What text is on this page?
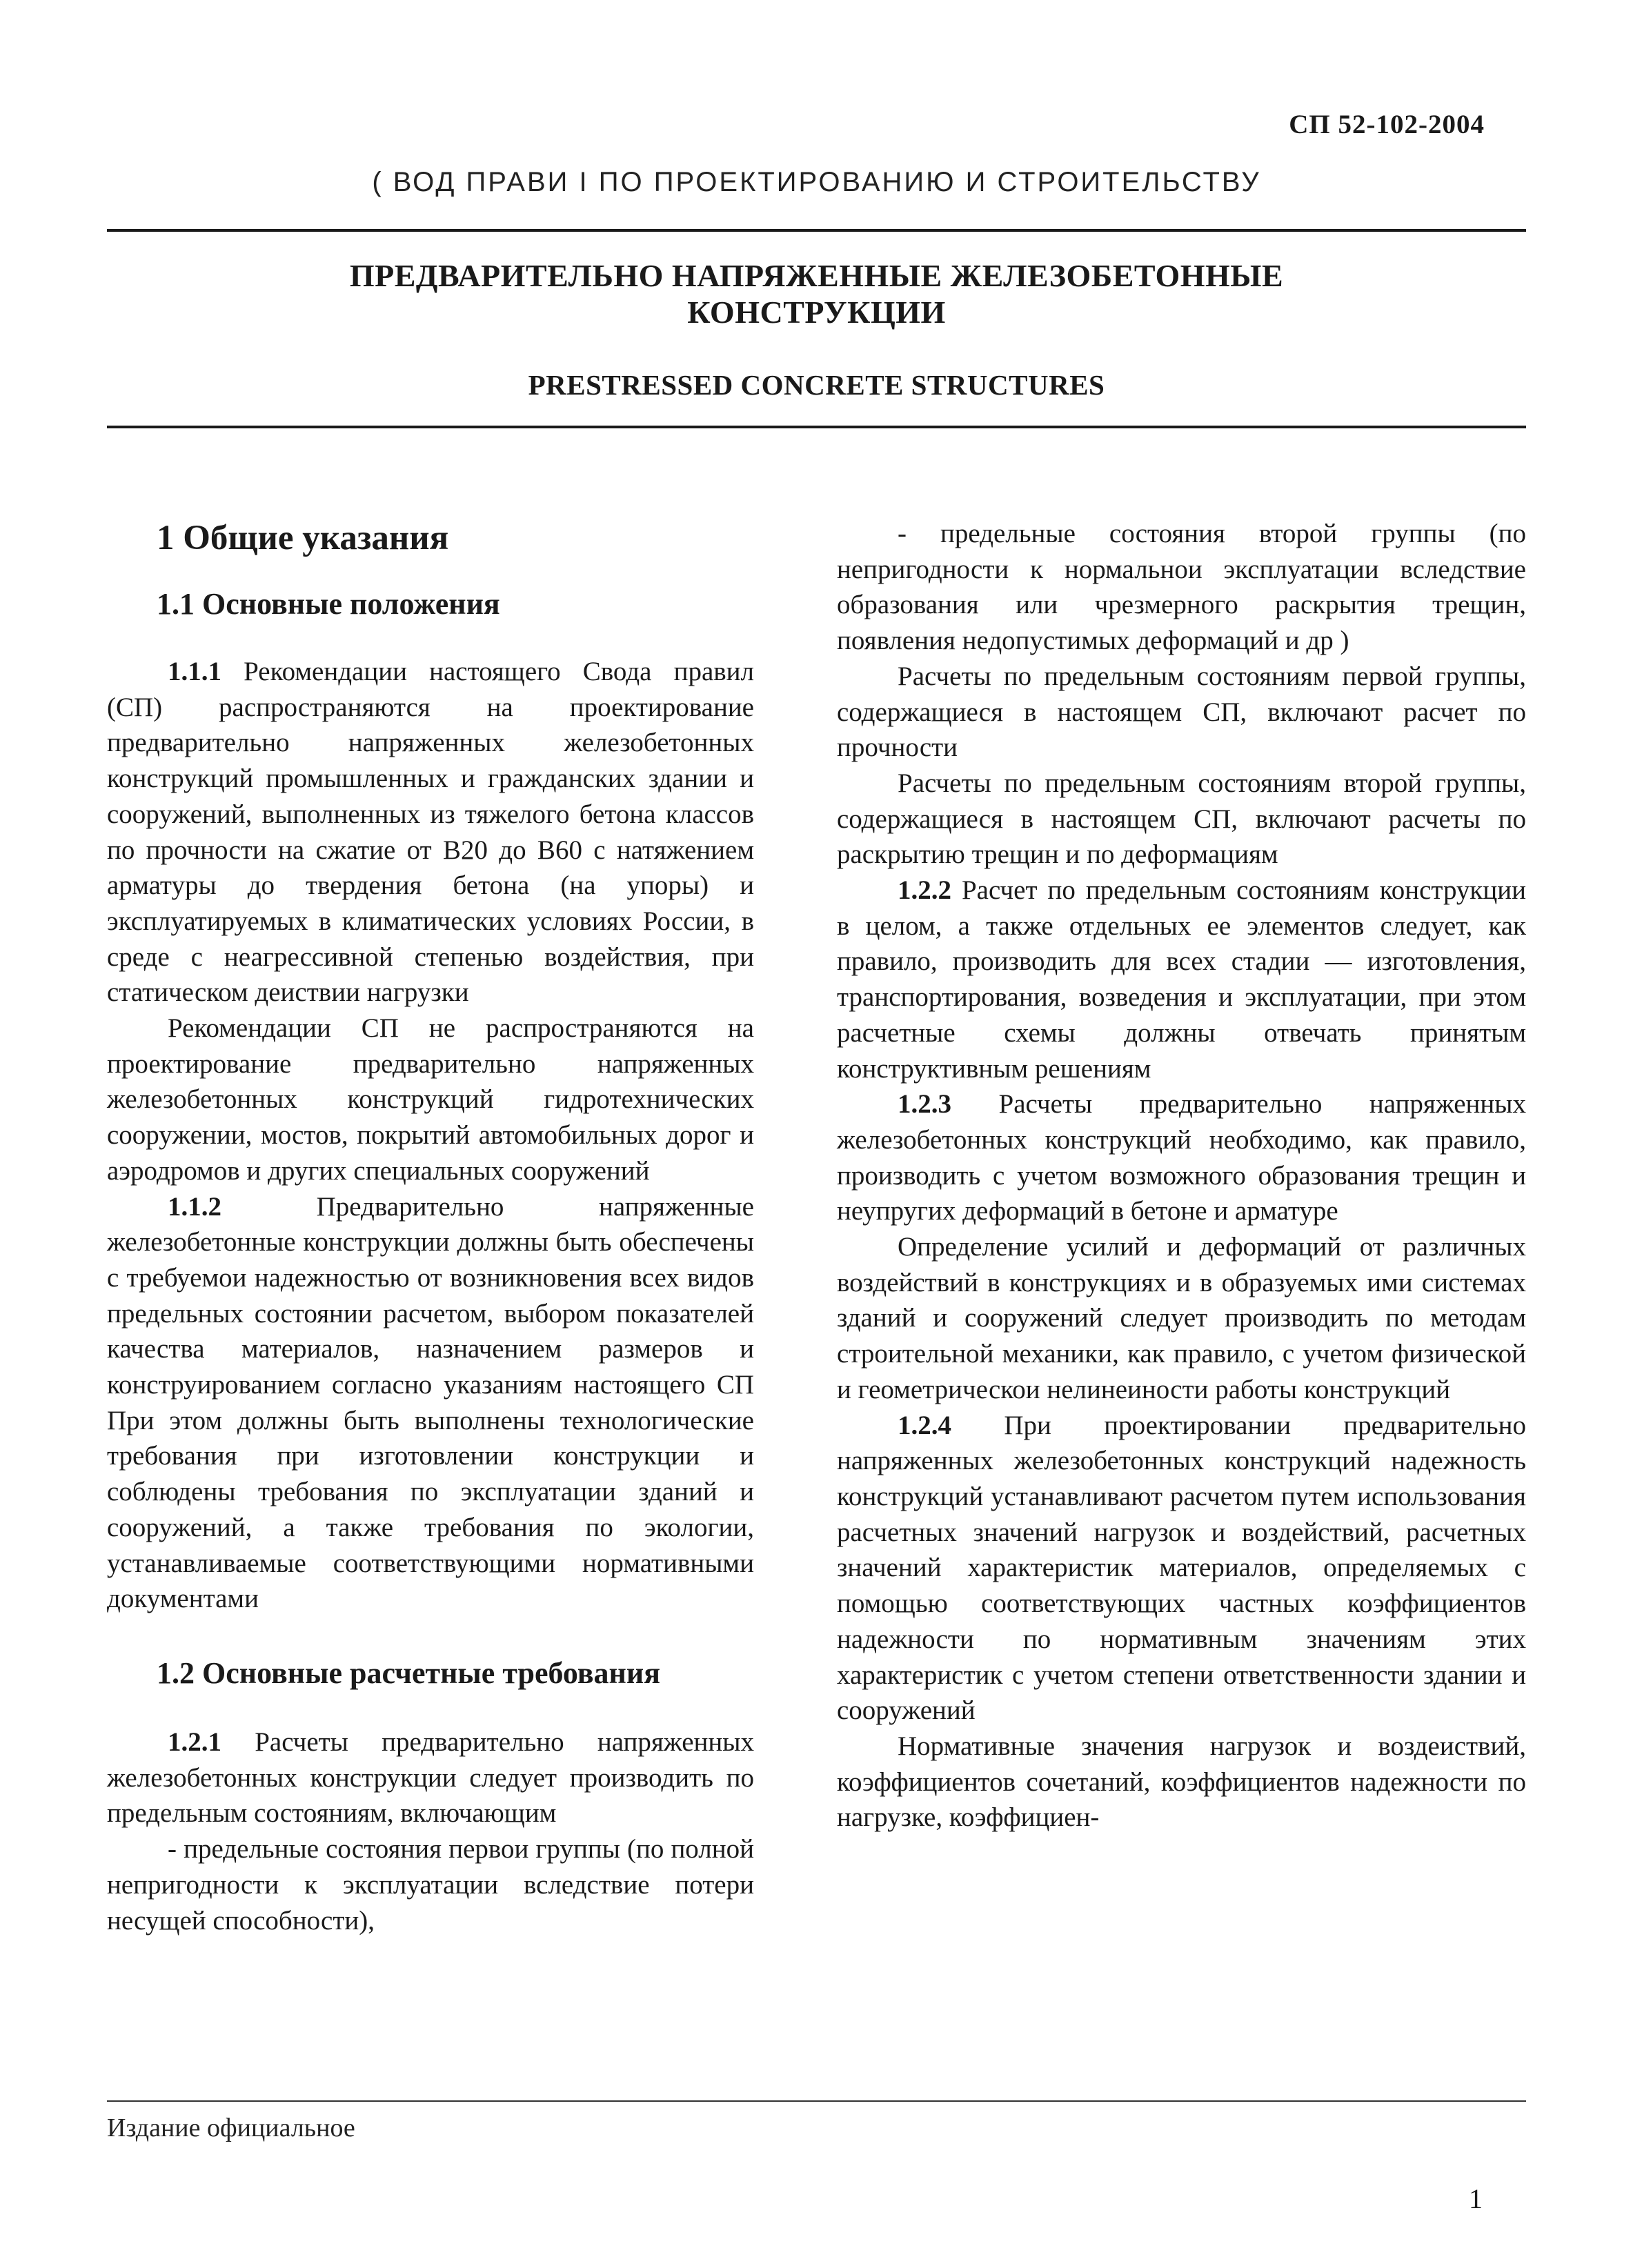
СП 52-102-2004
( ВОД ПРАВИ I ПО ПРОЕКТИРОВАНИЮ И СТРОИТЕЛЬСТВУ
ПРЕДВАРИТЕЛЬНО НАПРЯЖЕННЫЕ ЖЕЛЕЗОБЕТОННЫЕ
КОНСТРУКЦИИ
PRESTRESSED CONCRETE STRUCTURES
1 Общие указания
1.1 Основные положения

1.1.1 Рекомендации настоящего Свода правил (СП) распространяются на проектирование предварительно напряженных железобетонных конструкций промышленных и гражданских здании и сооружений, выполненных из тяжелого бетона классов по прочности на сжатие от В20 до В60 с натяжением арматуры до твердения бетона (на упоры) и эксплуатируемых в климатических условиях России, в среде с неагрессивной степенью воздействия, при статическом деиствии нагрузки

Рекомендации СП не распространяются на проектирование предварительно напряженных железобетонных конструкций гидротехнических сооружении, мостов, покрытий автомобильных дорог и аэродромов и других специальных сооружений

1.1.2	Предварительно напряженные железобетонные конструкции должны быть обеспечены с требуемои надежностью от возникновения всех видов предельных состоянии расчетом, выбором показателей качества материалов, назначением размеров и конструированием согласно указаниям настоящего СП При этом должны быть выполнены технологические требования при изготовлении конструкции и соблюдены требования по эксплуатации зданий и сооружений, а также требования по экологии, устанавливаемые соответствующими нормативными документами

1.2 Основные расчетные требования

1.2.1 Расчеты предварительно напряженных железобетонных конструкции следует производить по предельным состояниям, включающим

- предельные состояния первои группы (по полной непригодности к эксплуатации вследствие потери несущей способности),

- предельные состояния второй группы (по непригодности к нормальнои эксплуатации вследствие образования или чрезмерного раскрытия трещин, появления недопустимых деформаций и др )

Расчеты по предельным состояниям первой группы, содержащиеся в настоящем СП, включают расчет по прочности

Расчеты по предельным состояниям второй группы, содержащиеся в настоящем СП, включают расчеты по раскрытию трещин и по деформациям

1.2.2 Расчет по предельным состояниям конструкции в целом, а также отдельных ее элементов следует, как правило, производить для всех стадии — изготовления, транспортирования, возведения и эксплуатации, при этом расчетные схемы должны отвечать принятым конструктивным решениям

1.2.3 Расчеты предварительно напряженных железобетонных конструкций необходимо, как правило, производить с учетом возможного образования трещин и неупругих деформаций в бетоне и арматуре

Определение усилий и деформаций от различных воздействий в конструкциях и в образуемых ими системах зданий и сооружений следует производить по методам строительной механики, как правило, с учетом физической и геометрическои нелинеиности работы конструкций

1.2.4 При проектировании предварительно напряженных железобетонных конструкций надежность конструкций устанавливают расчетом путем использования расчетных значений нагрузок и воздействий, расчетных значений характеристик материалов, определяемых с помощью соответствующих частных коэффициентов надежности по нормативным значениям этих характеристик с учетом степени ответственности здании и сооружений

Нормативные значения нагрузок и воздеиствий, коэффициентов сочетаний, коэффициентов надежности по нагрузке, коэффициен-

Издание официальное
1
